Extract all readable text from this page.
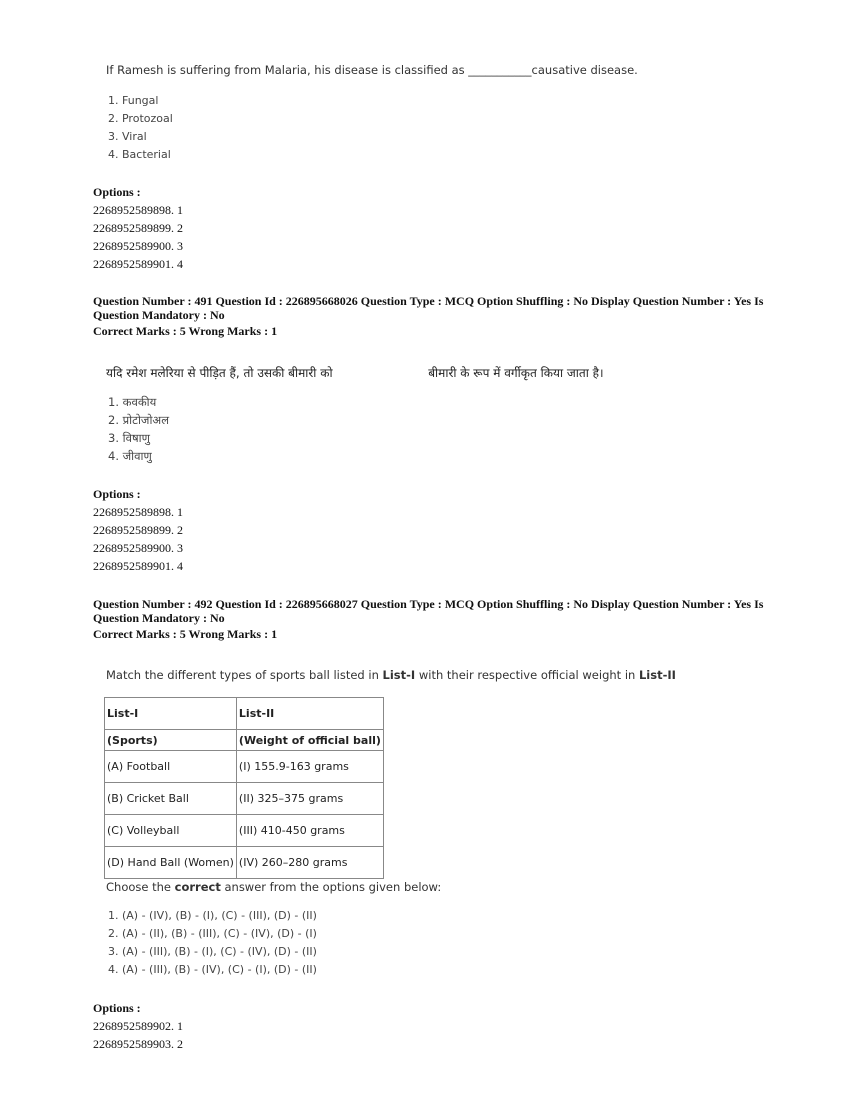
If Ramesh is suffering from Malaria, his disease is classified as ___________causative disease.
1. Fungal
2. Protozoal
3. Viral
4. Bacterial
Options :
2268952589898. 1
2268952589899. 2
2268952589900. 3
2268952589901. 4
Question Number : 491 Question Id : 226895668026 Question Type : MCQ Option Shuffling : No Display Question Number : Yes Is
Question Mandatory : No
Correct Marks : 5 Wrong Marks : 1
यदि रमेश मलेरिया से पीड़ित हैं, तो उसकी बीमारी को	बीमारी के रूप में वर्गीकृत किया जाता है।
1. कवकीय
2. प्रोटोजोअल
3. विषाणु
4. जीवाणु
Options :
2268952589898. 1
2268952589899. 2
2268952589900. 3
2268952589901. 4
Question Number : 492 Question Id : 226895668027 Question Type : MCQ Option Shuffling : No Display Question Number : Yes Is
Question Mandatory : No
Correct Marks : 5 Wrong Marks : 1
Match the different types of sports ball listed in List-I with their respective official weight in List-II
List-I	List-II
(Sports)	(Weight of official ball)
(A) Football	(I) 155.9-163 grams
(B) Cricket Ball	(II) 325–375 grams
(C) Volleyball	(III) 410-450 grams
(D) Hand Ball (Women)	(IV) 260–280 grams
Choose the correct answer from the options given below:
1. (A) - (IV), (B) - (I), (C) - (III), (D) - (II)
2. (A) - (II), (B) - (III), (C) - (IV), (D) - (I)
3. (A) - (III), (B) - (I), (C) - (IV), (D) - (II)
4. (A) - (III), (B) - (IV), (C) - (I), (D) - (II)
Options :
2268952589902. 1
2268952589903. 2
